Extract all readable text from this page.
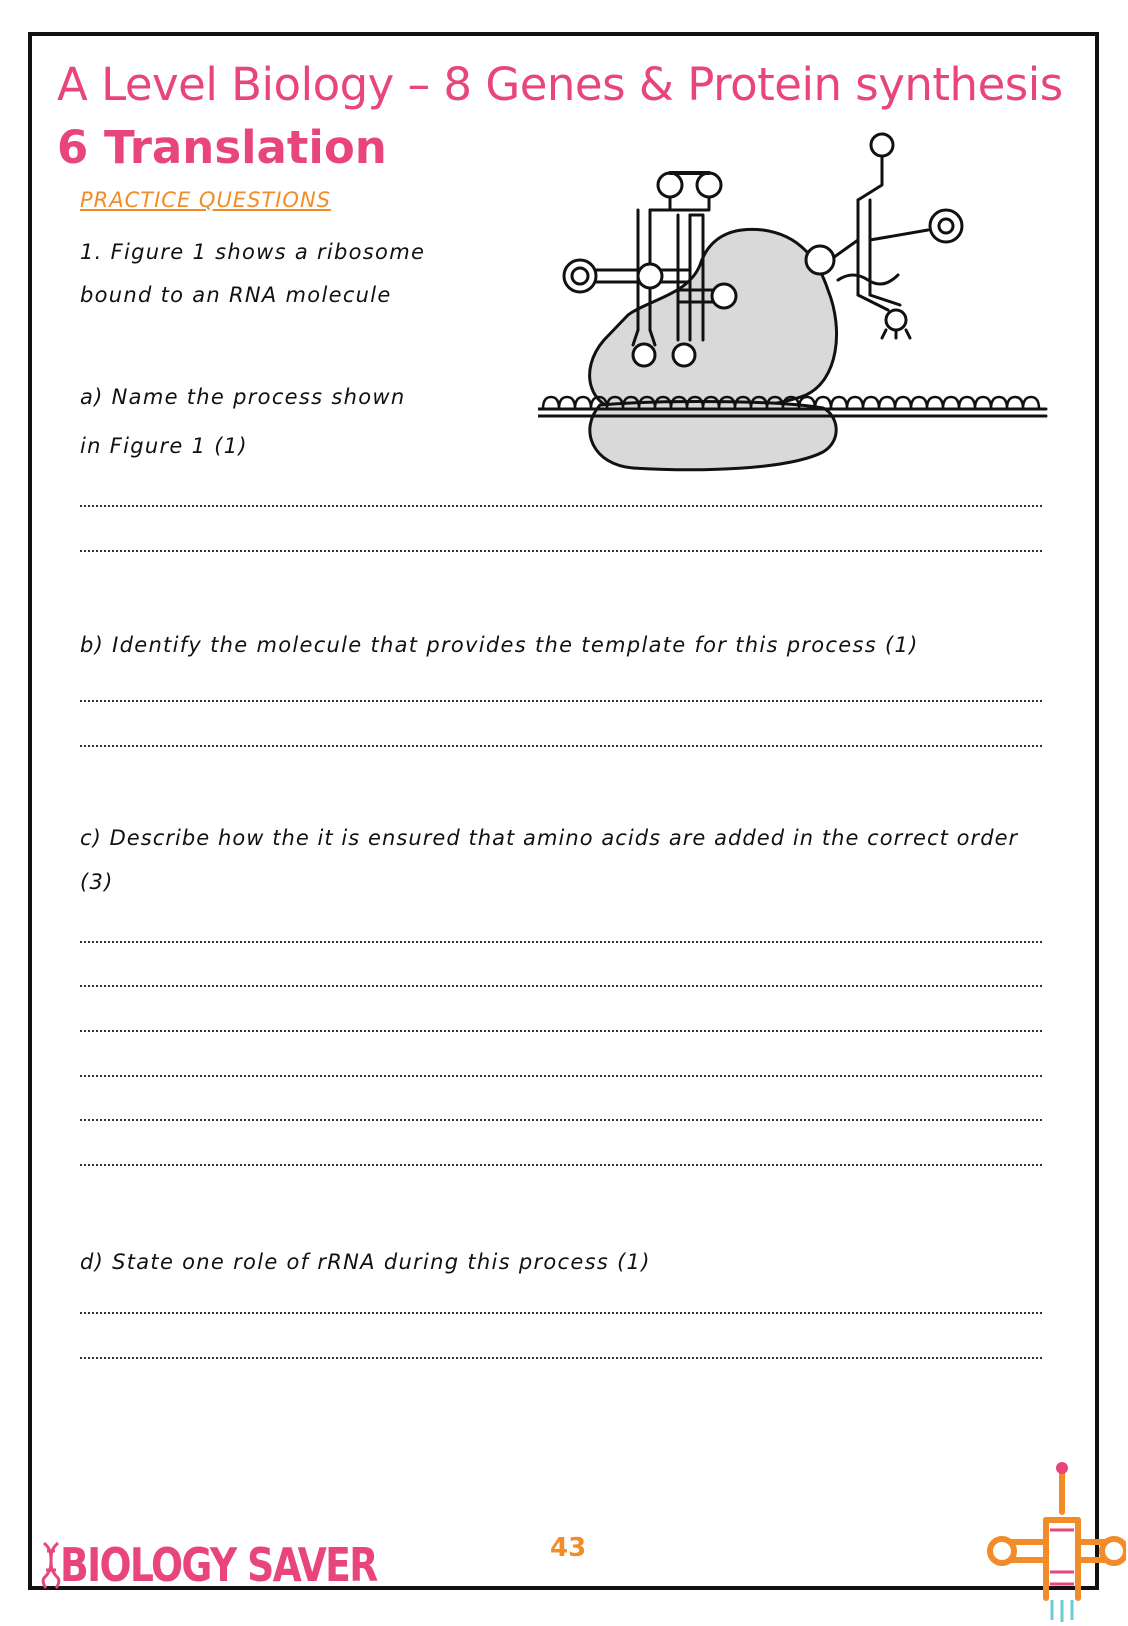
A Level Biology – 8 Genes & Protein synthesis
6 Translation
PRACTICE QUESTIONS

1. Figure 1 shows a ribosome

bound to an RNA molecule

a) Name the process shown

in Figure 1 (1)

b) Identify the molecule that provides the template for this process (1)

c) Describe how the it is ensured that amino acids are added in the correct order

(3)

d) State one role of rRNA during this process (1)

BIOLOGY SAVER	43
